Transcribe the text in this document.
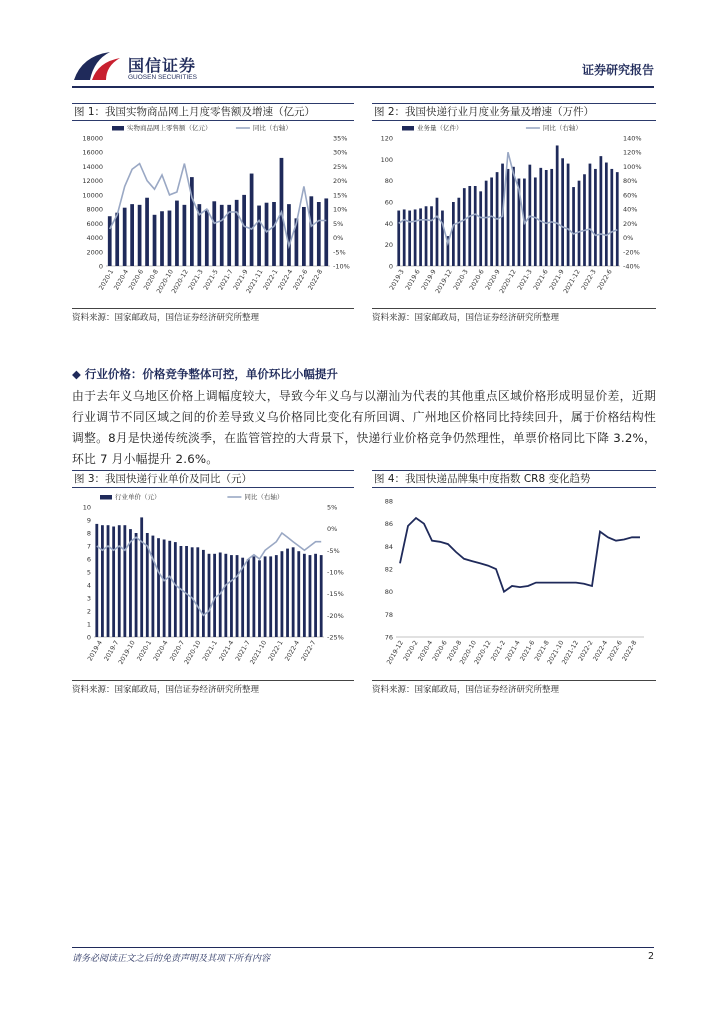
国信证券
GUOSEN SECURITIES
证券研究报告
图 1：我国实物商品网上月度零售额及增速（亿元）
0
2000
4000
6000
8000
10000
12000
14000
16000
18000
-10%
-5%
0%
5%
10%
15%
20%
25%
30%
35%
2020-1
2020-4
2020-6
2020-8
2020-10
2020-12
2021-3
2021-5
2021-7
2021-9
2021-11
2022-1
2022-4
2022-6
2022-8
实物商品网上零售额（亿元）	同比（右轴）
资料来源：国家邮政局，国信证券经济研究所整理
图 2：我国快递行业月度业务量及增速（万件）
0
20
40
60
80
100
120
-40%
-20%
0%
20%
40%
60%
80%
100%
120%
140%
2019-3
2019-6
2019-9
2019-12
2020-3
2020-6
2020-9
2020-12
2021-3
2021-6
2021-9
2021-12
2022-3
2022-6
业务量（亿件）	同比（右轴）
资料来源：国家邮政局，国信证券经济研究所整理
◆ 行业价格：价格竞争整体可控，单价环比小幅提升
由于去年义乌地区价格上调幅度较大，导致今年义乌与以潮汕为代表的其他重点区域价格形成明显价差，近期行业调节不同区域之间的价差导致义乌价格同比变化有所回调、广州地区价格同比持续回升，属于价格结构性调整。8月是快递传统淡季，在监管管控的大背景下，快递行业价格竞争仍然理性，单票价格同比下降 3.2%，环比 7 月小幅提升 2.6%。
图 3：我国快递行业单价及同比（元）
0
1
2
3
4
5
6
7
8
9
10
-25%
-20%
-15%
-10%
-5%
0%
5%
2019-4 2019-7
2019-10 2020-1 2020-4 2020-7
2020-10 2021-1 2021-4 2021-7
2021-10 2022-1 2022-4 2022-7
行业单价（元）	同比（右轴）
资料来源：国家邮政局，国信证券经济研究所整理
图 4：我国快递品牌集中度指数 CR8 变化趋势
76
78
80
82
84
86
88
2019-12
2020-2
2020-4
2020-6
2020-8
2020-10
2020-12
2021-2
2021-4
2021-6
2021-8
2021-10
2021-12
2022-2
2022-4
2022-6
2022-8
资料来源：国家邮政局，国信证券经济研究所整理
请务必阅读正文之后的免责声明及其项下所有内容	2
